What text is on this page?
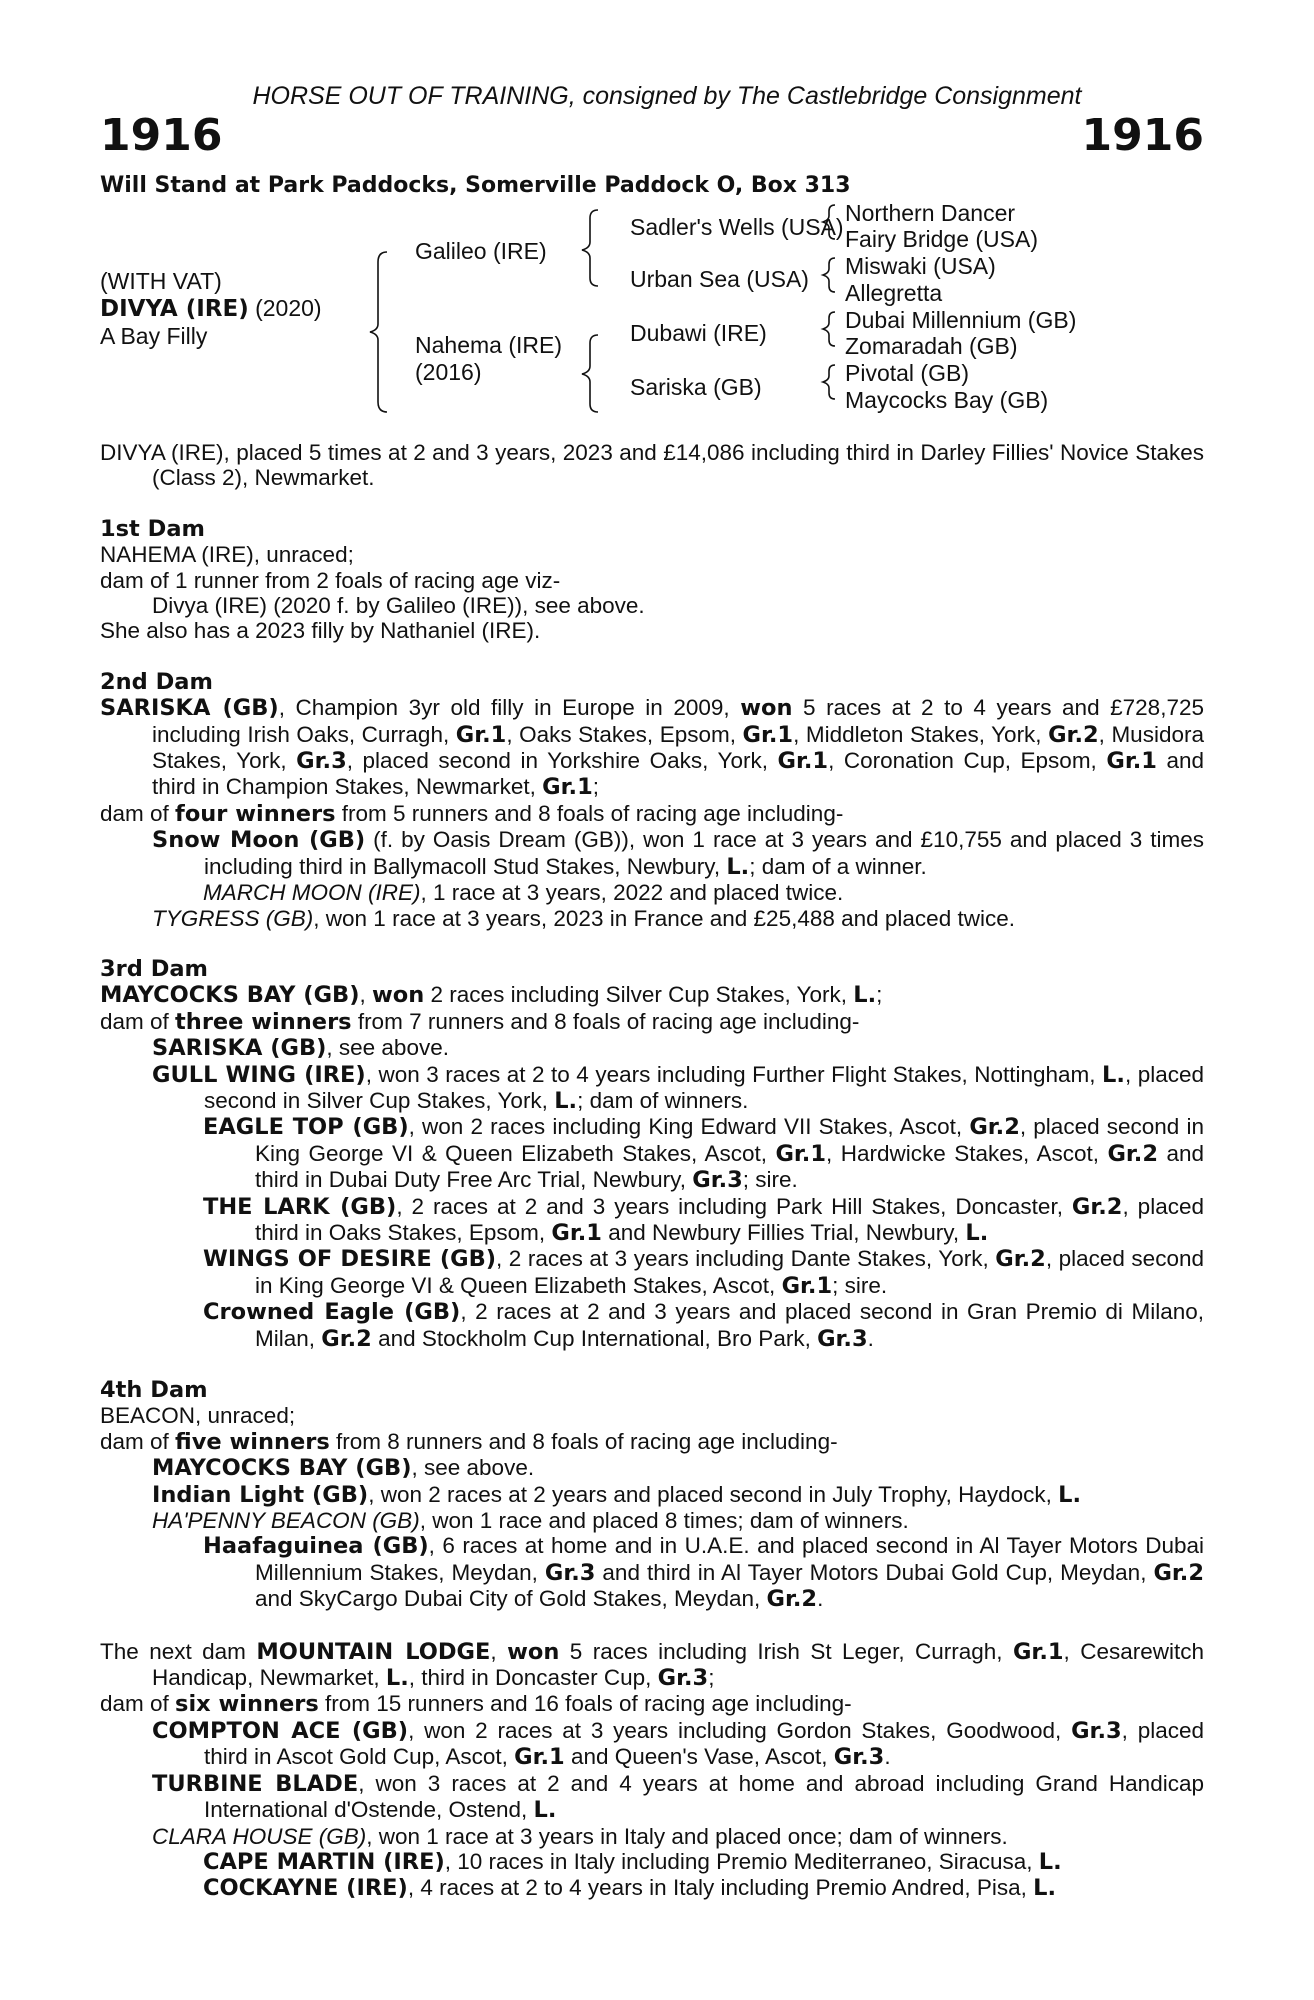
HORSE OUT OF TRAINING, consigned by The Castlebridge Consignment
1916	1916
Will Stand at Park Paddocks, Somerville Paddock O, Box 313
(WITH VAT)
DIVYA (IRE) (2020)
A Bay Filly
Galileo (IRE)
Nahema (IRE)
(2016)
Sadler's Wells (USA)
Urban Sea (USA)
Dubawi (IRE)
Sariska (GB)
Northern Dancer
Fairy Bridge (USA)
Miswaki (USA)
Allegretta
Dubai Millennium (GB)
Zomaradah (GB)
Pivotal (GB)
Maycocks Bay (GB)
DIVYA (IRE), placed 5 times at 2 and 3 years, 2023 and £14,086 including third in Darley Fillies' Novice Stakes (Class 2), Newmarket.
1st Dam
NAHEMA (IRE), unraced;
dam of 1 runner from 2 foals of racing age viz-
Divya (IRE) (2020 f. by Galileo (IRE)), see above.
She also has a 2023 filly by Nathaniel (IRE).
2nd Dam
SARISKA (GB), Champion 3yr old filly in Europe in 2009, won 5 races at 2 to 4 years and £728,725 including Irish Oaks, Curragh, Gr.1, Oaks Stakes, Epsom, Gr.1, Middleton Stakes, York, Gr.2, Musidora Stakes, York, Gr.3, placed second in Yorkshire Oaks, York, Gr.1, Coronation Cup, Epsom, Gr.1 and third in Champion Stakes, Newmarket, Gr.1;
dam of four winners from 5 runners and 8 foals of racing age including-
Snow Moon (GB) (f. by Oasis Dream (GB)), won 1 race at 3 years and £10,755 and placed 3 times including third in Ballymacoll Stud Stakes, Newbury, L.; dam of a winner.
MARCH MOON (IRE), 1 race at 3 years, 2022 and placed twice.
TYGRESS (GB), won 1 race at 3 years, 2023 in France and £25,488 and placed twice.
3rd Dam
MAYCOCKS BAY (GB), won 2 races including Silver Cup Stakes, York, L.;
dam of three winners from 7 runners and 8 foals of racing age including-
SARISKA (GB), see above.
GULL WING (IRE), won 3 races at 2 to 4 years including Further Flight Stakes, Nottingham, L., placed second in Silver Cup Stakes, York, L.; dam of winners.
EAGLE TOP (GB), won 2 races including King Edward VII Stakes, Ascot, Gr.2, placed second in King George VI & Queen Elizabeth Stakes, Ascot, Gr.1, Hardwicke Stakes, Ascot, Gr.2 and third in Dubai Duty Free Arc Trial, Newbury, Gr.3; sire.
THE LARK (GB), 2 races at 2 and 3 years including Park Hill Stakes, Doncaster, Gr.2, placed third in Oaks Stakes, Epsom, Gr.1 and Newbury Fillies Trial, Newbury, L.
WINGS OF DESIRE (GB), 2 races at 3 years including Dante Stakes, York, Gr.2, placed second in King George VI & Queen Elizabeth Stakes, Ascot, Gr.1; sire.
Crowned Eagle (GB), 2 races at 2 and 3 years and placed second in Gran Premio di Milano, Milan, Gr.2 and Stockholm Cup International, Bro Park, Gr.3.
4th Dam
BEACON, unraced;
dam of five winners from 8 runners and 8 foals of racing age including-
MAYCOCKS BAY (GB), see above.
Indian Light (GB), won 2 races at 2 years and placed second in July Trophy, Haydock, L.
HA'PENNY BEACON (GB), won 1 race and placed 8 times; dam of winners.
Haafaguinea (GB), 6 races at home and in U.A.E. and placed second in Al Tayer Motors Dubai Millennium Stakes, Meydan, Gr.3 and third in Al Tayer Motors Dubai Gold Cup, Meydan, Gr.2 and SkyCargo Dubai City of Gold Stakes, Meydan, Gr.2.
The next dam MOUNTAIN LODGE, won 5 races including Irish St Leger, Curragh, Gr.1, Cesarewitch Handicap, Newmarket, L., third in Doncaster Cup, Gr.3;
dam of six winners from 15 runners and 16 foals of racing age including-
COMPTON ACE (GB), won 2 races at 3 years including Gordon Stakes, Goodwood, Gr.3, placed third in Ascot Gold Cup, Ascot, Gr.1 and Queen's Vase, Ascot, Gr.3.
TURBINE BLADE, won 3 races at 2 and 4 years at home and abroad including Grand Handicap International d'Ostende, Ostend, L.
CLARA HOUSE (GB), won 1 race at 3 years in Italy and placed once; dam of winners.
CAPE MARTIN (IRE), 10 races in Italy including Premio Mediterraneo, Siracusa, L.
COCKAYNE (IRE), 4 races at 2 to 4 years in Italy including Premio Andred, Pisa, L.
